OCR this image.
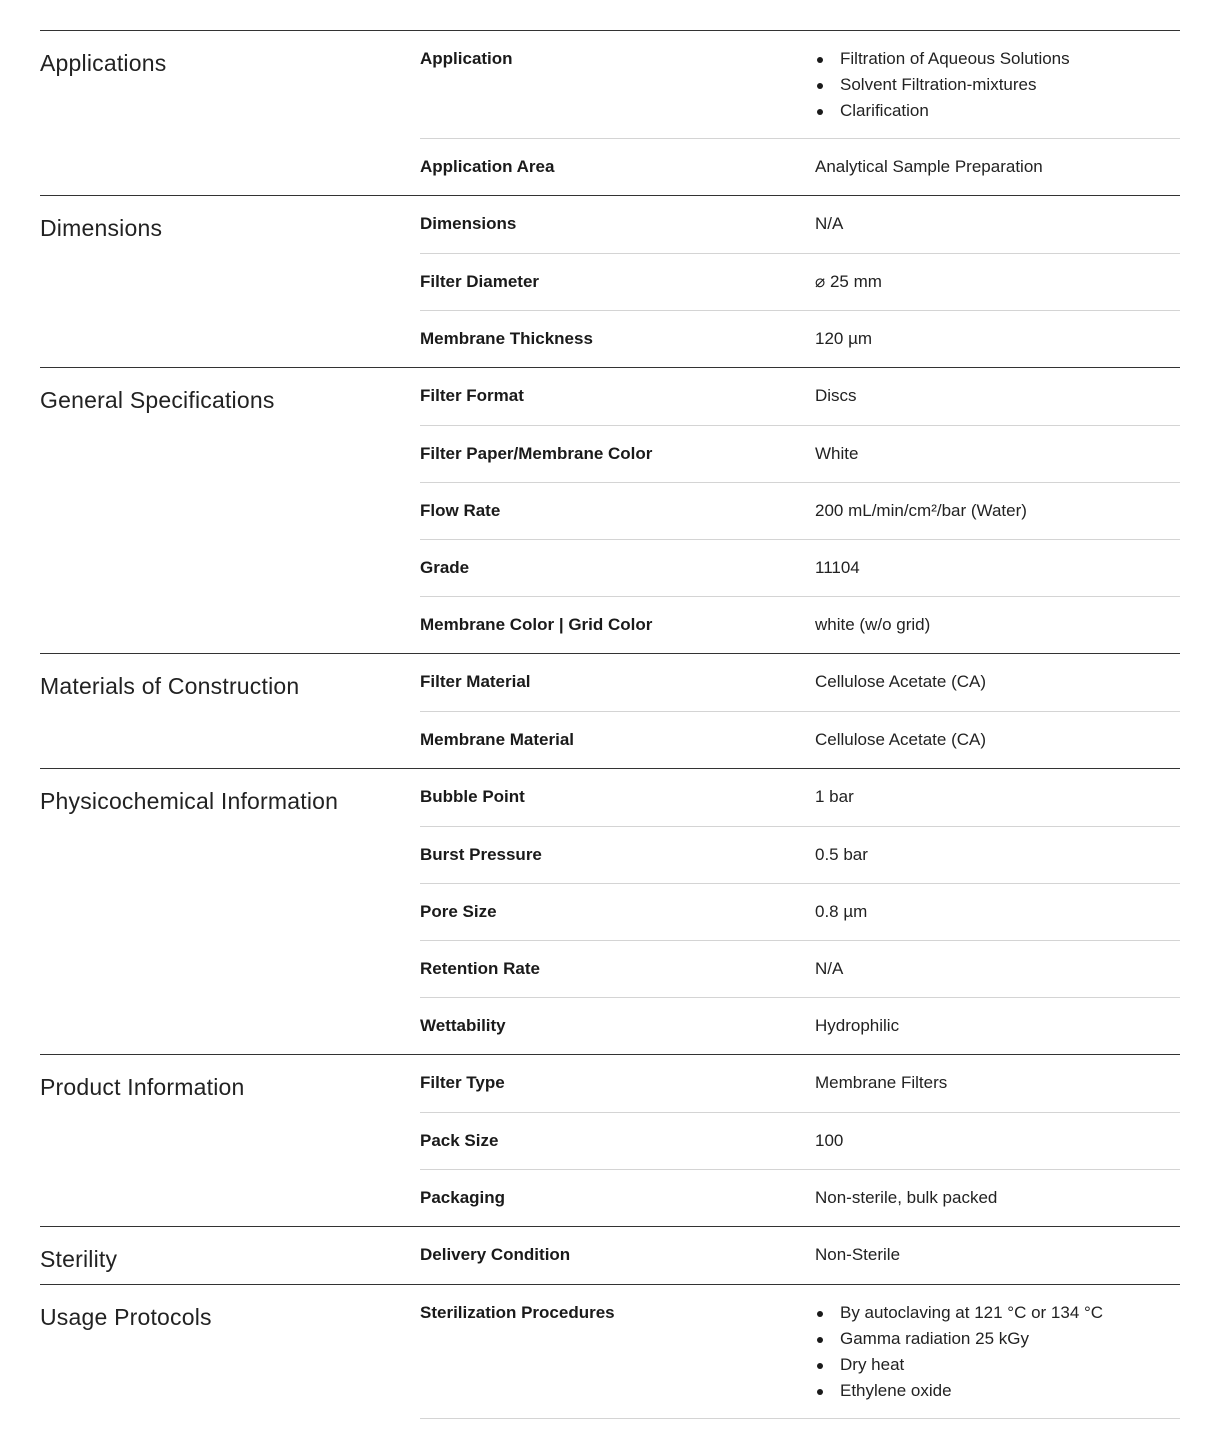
Applications	Application	Filtration of Aqueous Solutions
Solvent Filtration-mixtures
Clarification
Application Area	Analytical Sample Preparation
Dimensions	Dimensions	N/A
Filter Diameter	⌀ 25 mm
Membrane Thickness	120 µm
General Specifications	Filter Format	Discs
Filter Paper/Membrane Color	White
Flow Rate	200 mL/min/cm²/bar (Water)
Grade	11104
Membrane Color | Grid Color	white (w/o grid)
Materials of Construction	Filter Material	Cellulose Acetate (CA)
Membrane Material	Cellulose Acetate (CA)
Physicochemical Information	Bubble Point	1 bar
Burst Pressure	0.5 bar
Pore Size	0.8 µm
Retention Rate	N/A
Wettability	Hydrophilic
Product Information	Filter Type	Membrane Filters
Pack Size	100
Packaging	Non-sterile, bulk packed
Sterility	Delivery Condition	Non-Sterile
Usage Protocols	Sterilization Procedures	By autoclaving at 121 °C or 134 °C
Gamma radiation 25 kGy
Dry heat
Ethylene oxide
